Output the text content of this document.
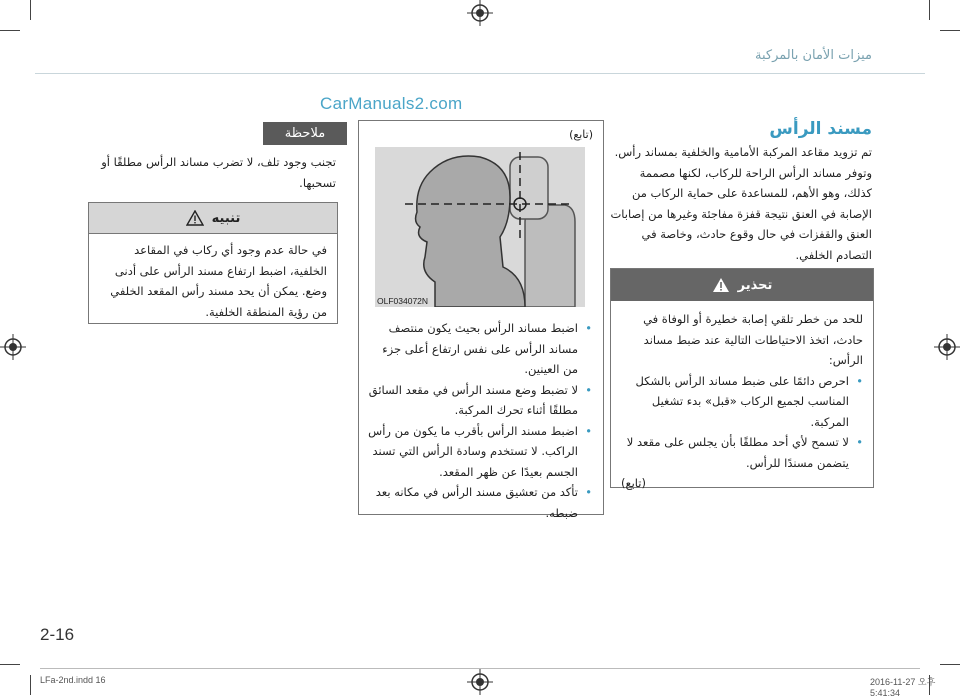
ميزات الأمان بالمركبة
CarManuals2.com
مسند الرأس
تم تزويد مقاعد المركبة الأمامية والخلفية بمساند رأس. وتوفر مساند الرأس الراحة للركاب، لكنها مصممة كذلك، وهو الأهم، للمساعدة على حماية الركاب من الإصابة في العنق نتيجة قفزة مفاجئة وغيرها من إصابات العنق والقفزات في حال وقوع حادث، وخاصة في التصادم الخلفي.
تحذير
للحد من خطر تلقي إصابة خطيرة أو الوفاة في حادث، اتخذ الاحتياطات التالية عند ضبط مساند الرأس:
• احرص دائمًا على ضبط مساند الرأس بالشكل المناسب لجميع الركاب «قبل» بدء تشغيل المركبة.
• لا تسمح لأي أحد مطلقًا بأن يجلس على مقعد لا يتضمن مسندًا للرأس.
(تابع)
(تابع)
OLF034072N
• اضبط مساند الرأس بحيث يكون منتصف مساند الرأس على نفس ارتفاع أعلى جزء من العينين.
• لا تضبط وضع مسند الرأس في مقعد السائق مطلقًا أثناء تحرك المركبة.
• اضبط مسند الرأس بأقرب ما يكون من رأس الراكب. لا تستخدم وسادة الرأس التي تسند الجسم بعيدًا عن ظهر المقعد.
• تأكد من تعشيق مسند الرأس في مكانه بعد ضبطه.
ملاحظة
تجنب وجود تلف، لا تضرب مساند الرأس مطلقًا أو تسحبها.
تنبيه
في حالة عدم وجود أي ركاب في المقاعد الخلفية، اضبط ارتفاع مسند الرأس على أدنى وضع. يمكن أن يحد مسند رأس المقعد الخلفي من رؤية المنطقة الخلفية.
2-16
LFa-2nd.indd 16	2016-11-27 오후 5:41:34
